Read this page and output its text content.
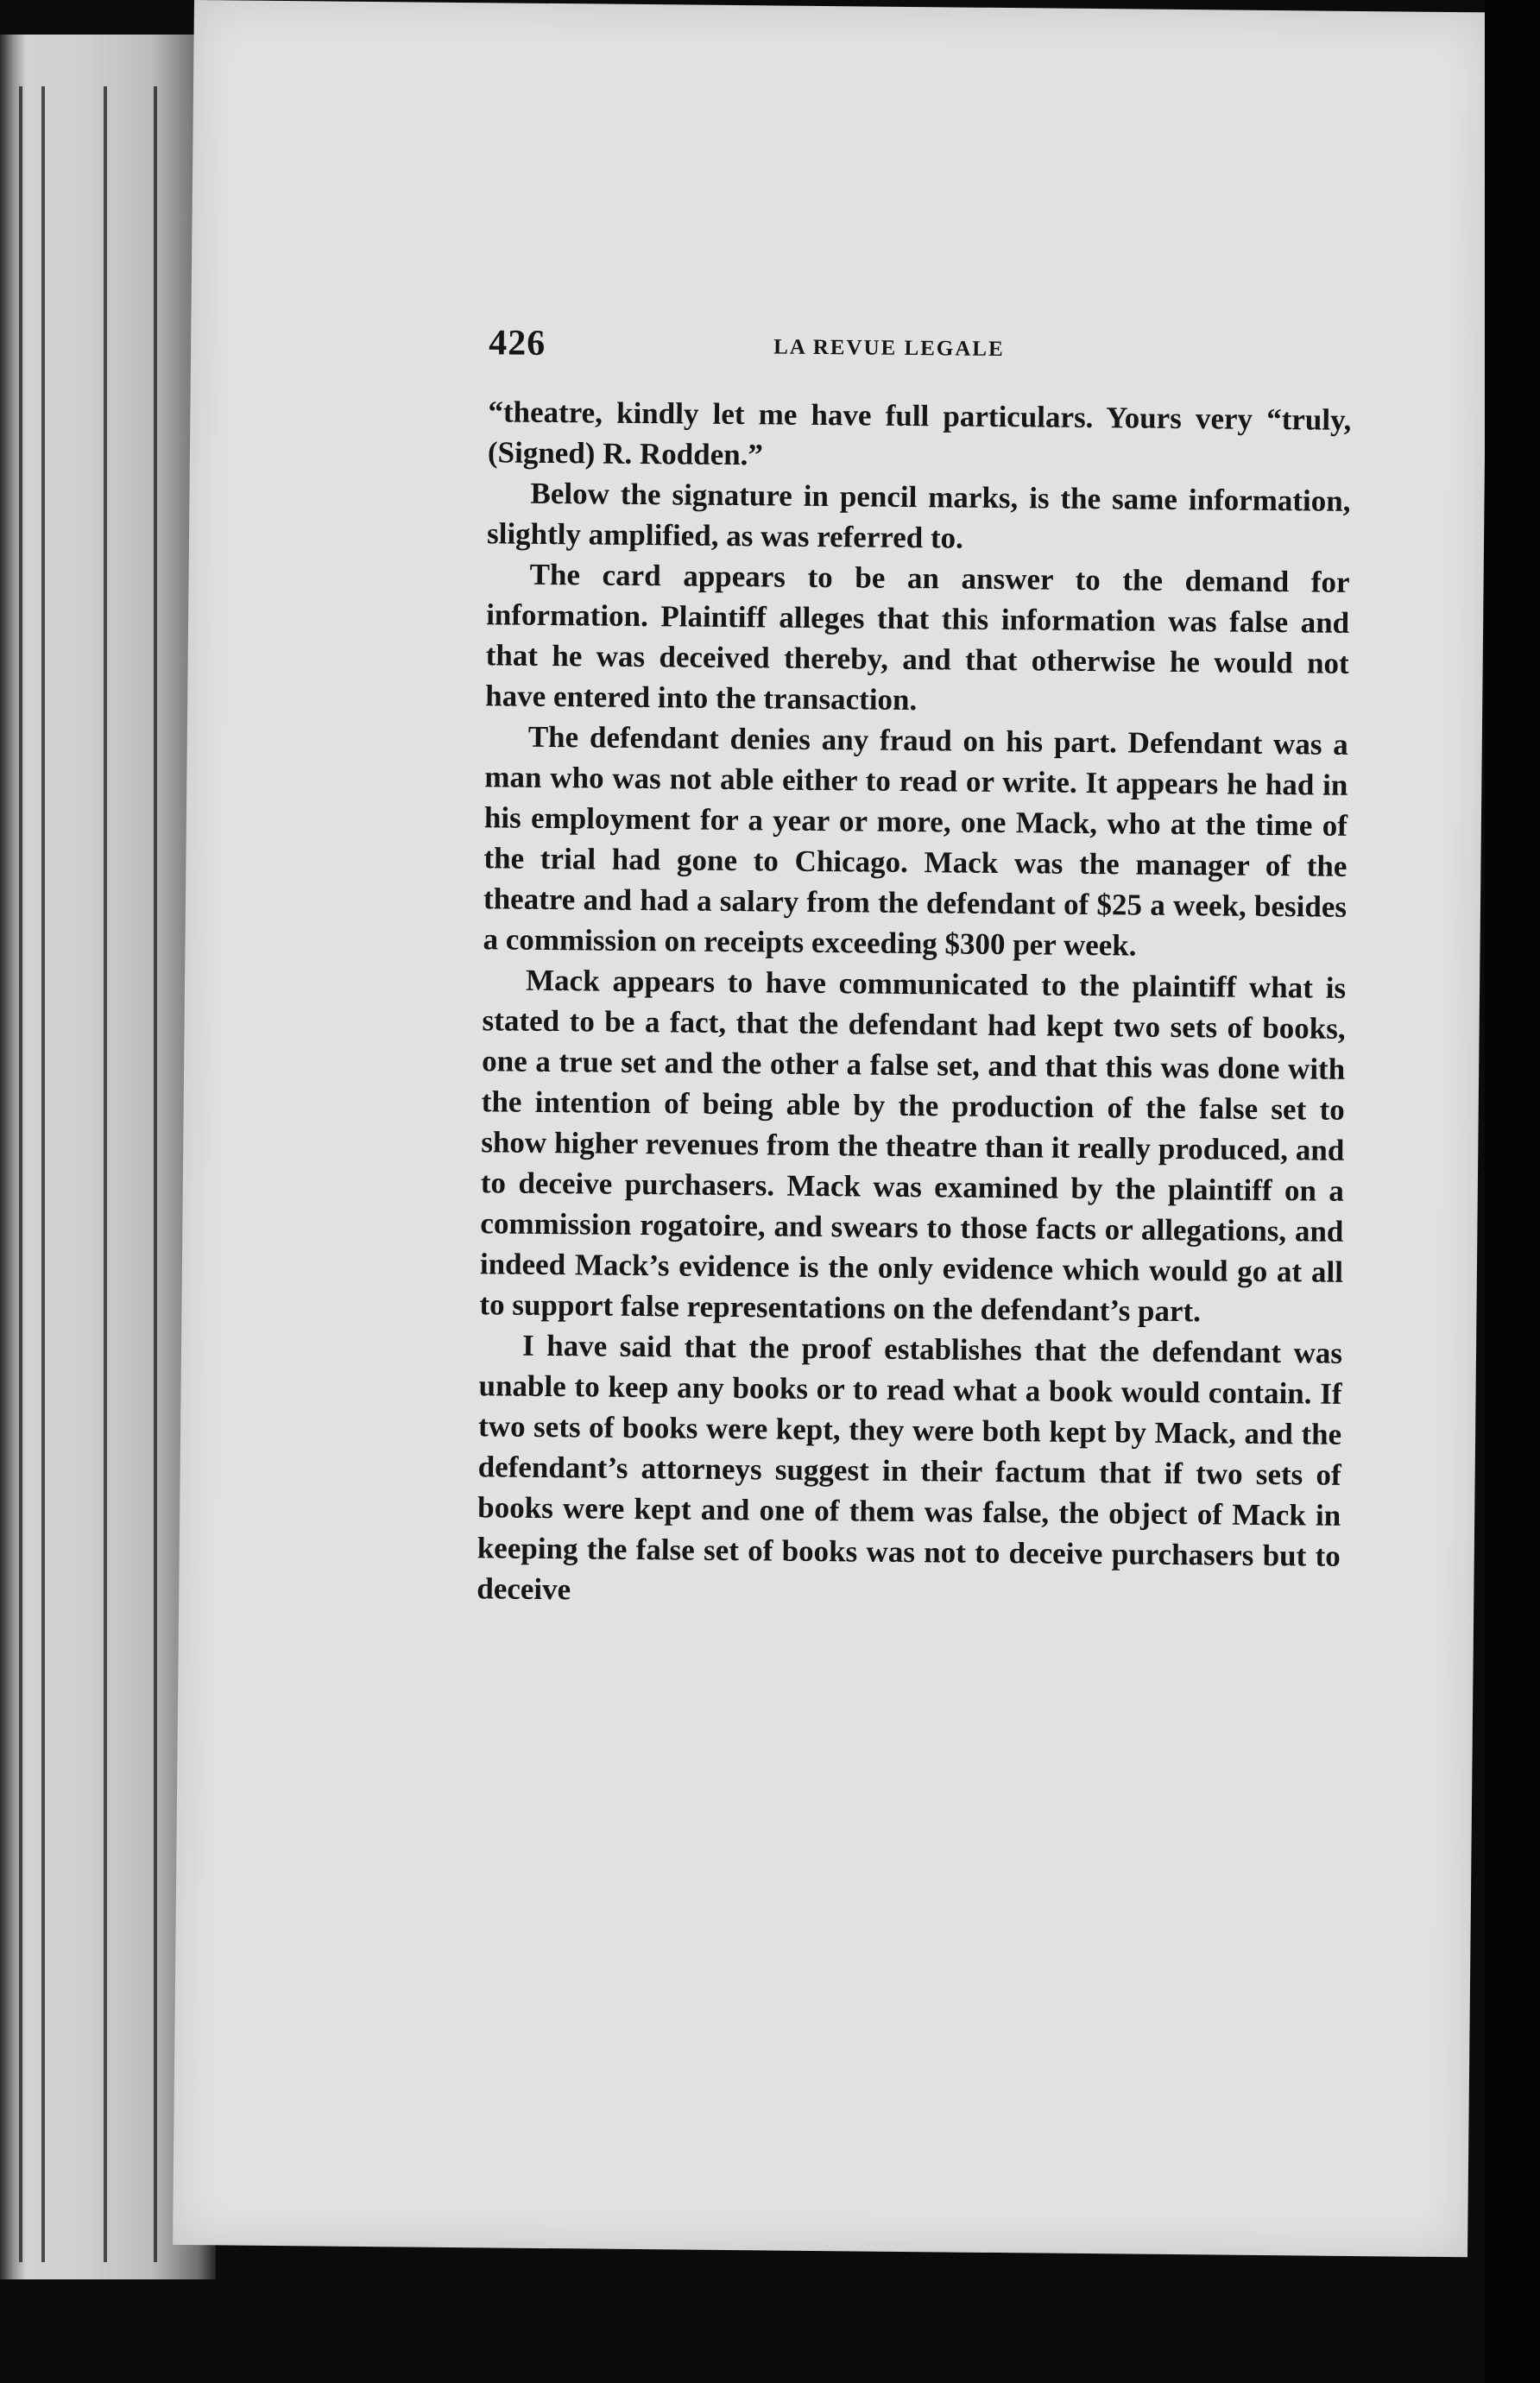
426	LA REVUE LEGALE

“theatre, kindly let me have full particulars. Yours very “truly, (Signed) R. Rodden.”

Below the signature in pencil marks, is the same information, slightly amplified, as was referred to.

The card appears to be an answer to the demand for information. Plaintiff alleges that this information was false and that he was deceived thereby, and that otherwise he would not have entered into the transaction.

The defendant denies any fraud on his part. Defendant was a man who was not able either to read or write. It appears he had in his employment for a year or more, one Mack, who at the time of the trial had gone to Chicago. Mack was the manager of the theatre and had a salary from the defendant of $25 a week, besides a commission on receipts exceeding $300 per week.

Mack appears to have communicated to the plaintiff what is stated to be a fact, that the defendant had kept two sets of books, one a true set and the other a false set, and that this was done with the intention of being able by the production of the false set to show higher revenues from the theatre than it really produced, and to deceive purchasers. Mack was examined by the plaintiff on a commission rogatoire, and swears to those facts or allegations, and indeed Mack’s evidence is the only evidence which would go at all to support false representations on the defendant’s part.

I have said that the proof establishes that the defendant was unable to keep any books or to read what a book would contain. If two sets of books were kept, they were both kept by Mack, and the defendant’s attorneys suggest in their factum that if two sets of books were kept and one of them was false, the object of Mack in keeping the false set of books was not to deceive purchasers but to deceive
